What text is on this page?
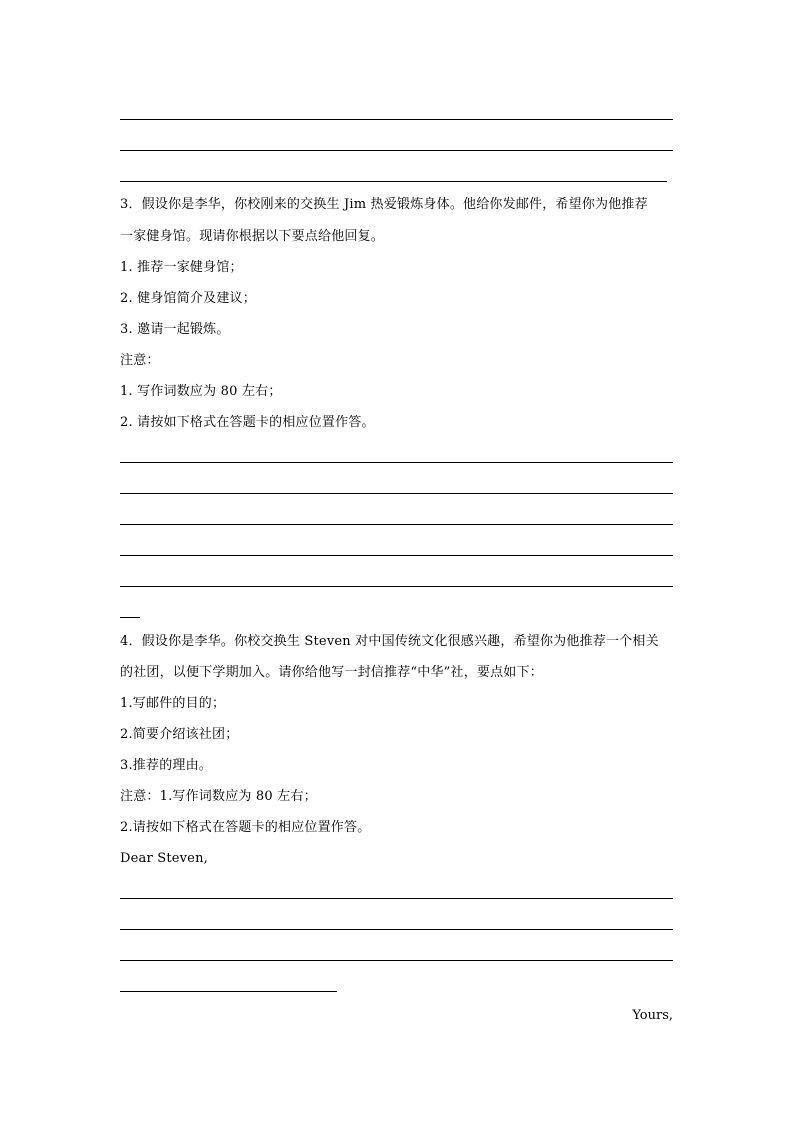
3．假设你是李华，你校刚来的交换生 Jim 热爱锻炼身体。他给你发邮件，希望你为他推荐
一家健身馆。现请你根据以下要点给他回复。
1. 推荐一家健身馆；
2. 健身馆简介及建议；
3. 邀请一起锻炼。
注意：
1. 写作词数应为 80 左右；
2. 请按如下格式在答题卡的相应位置作答。
4．假设你是李华。你校交换生 Steven 对中国传统文化很感兴趣，希望你为他推荐一个相关
的社团，以便下学期加入。请你给他写一封信推荐“中华”社，要点如下：
1.写邮件的目的；
2.简要介绍该社团；
3.推荐的理由。
注意：1.写作词数应为 80 左右；
2.请按如下格式在答题卡的相应位置作答。
Dear Steven,
Yours,
